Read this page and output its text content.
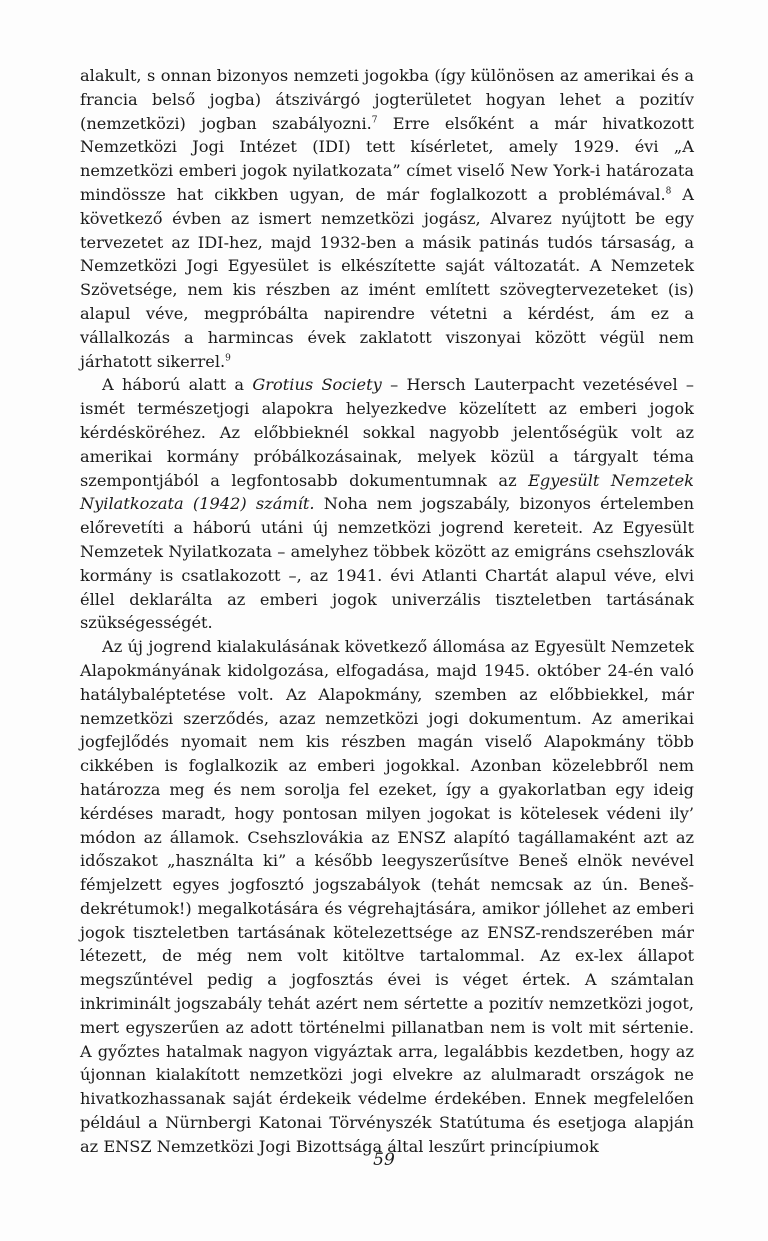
alakult, s onnan bizonyos nemzeti jogokba (így különösen az amerikai és a francia belső jogba) átszivárgó jogterületet hogyan lehet a pozitív (nemzetközi) jogban szabályozni.$^7$ Erre elsőként a már hivatkozott Nemzetközi Jogi Intézet (IDI) tett kísérletet, amely 1929. évi „A nemzetközi emberi jogok nyilatkozata” címet viselő New York-i határozata mindössze hat cikkben ugyan, de már foglalkozott a problémával.$^8$ A következő évben az ismert nemzetközi jogász, Alvarez nyújtott be egy tervezetet az IDI-hez, majd 1932-ben a másik patinás tudós társaság, a Nemzetközi Jogi Egyesület is elkészítette saját változatát. A Nemzetek Szövetsége, nem kis részben az imént említett szövegtervezeteket (is) alapul véve, megpróbálta napirendre vétetni a kérdést, ám ez a vállalkozás a harmincas évek zaklatott viszonyai között végül nem járhatott sikerrel.$^9$

A háború alatt a Grotius Society – Hersch Lauterpacht vezetésével – ismét természetjogi alapokra helyezkedve közelített az emberi jogok kérdésköréhez. Az előbbieknél sokkal nagyobb jelentőségük volt az amerikai kormány próbálkozásainak, melyek közül a tárgyalt téma szempontjából a legfontosabb dokumentumnak az Egyesült Nemzetek Nyilatkozata (1942) számít. Noha nem jogszabály, bizonyos értelemben előrevetíti a háború utáni új nemzetközi jogrend kereteit. Az Egyesült Nemzetek Nyilatkozata – amelyhez többek között az emigráns csehszlovák kormány is csatlakozott –, az 1941. évi Atlanti Chartát alapul véve, elvi éllel deklarálta az emberi jogok univerzális tiszteletben tartásának szükségességét.

Az új jogrend kialakulásának következő állomása az Egyesült Nemzetek Alapokmányának kidolgozása, elfogadása, majd 1945. október 24-én való hatálybaléptetése volt. Az Alapokmány, szemben az előbbiekkel, már nemzetközi szerződés, azaz nemzetközi jogi dokumentum. Az amerikai jogfejlődés nyomait nem kis részben magán viselő Alapokmány több cikkében is foglalkozik az emberi jogokkal. Azonban közelebbről nem határozza meg és nem sorolja fel ezeket, így a gyakorlatban egy ideig kérdéses maradt, hogy pontosan milyen jogokat is kötelesek védeni ily’ módon az államok. Csehszlovákia az ENSZ alapító tagállamaként azt az időszakot „használta ki” a később leegyszerűsítve Beneš elnök nevével fémjelzett egyes jogfosztó jogszabályok (tehát nemcsak az ún. Beneš-dekrétumok!) megalkotására és végrehajtására, amikor jóllehet az emberi jogok tiszteletben tartásának kötelezettsége az ENSZ-rendszerében már létezett, de még nem volt kitöltve tartalommal. Az ex-lex állapot megszűntével pedig a jogfosztás évei is véget értek. A számtalan inkriminált jogszabály tehát azért nem sértette a pozitív nemzetközi jogot, mert egyszerűen az adott történelmi pillanatban nem is volt mit sértenie. A győztes hatalmak nagyon vigyáztak arra, legalábbis kezdetben, hogy az újonnan kialakított nemzetközi jogi elvekre az alulmaradt országok ne hivatkozhassanak saját érdekeik védelme érdekében. Ennek megfelelően például a Nürnbergi Katonai Törvényszék Statútuma és esetjoga alapján az ENSZ Nemzetközi Jogi Bizottsága által leszűrt princípiumok

59
